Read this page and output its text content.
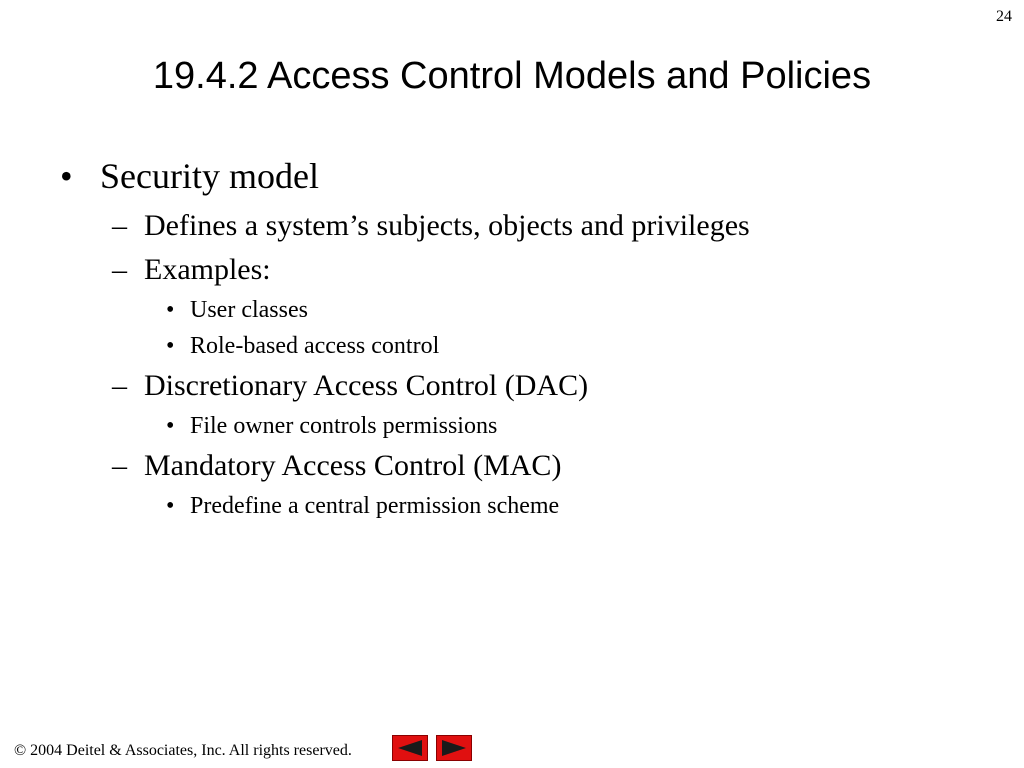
24
19.4.2 Access Control Models and Policies
• Security model
– Defines a system’s subjects, objects and privileges
– Examples:
• User classes
• Role-based access control
– Discretionary Access Control (DAC)
• File owner controls permissions
– Mandatory Access Control (MAC)
• Predefine a central permission scheme
© 2004 Deitel & Associates, Inc. All rights reserved.
